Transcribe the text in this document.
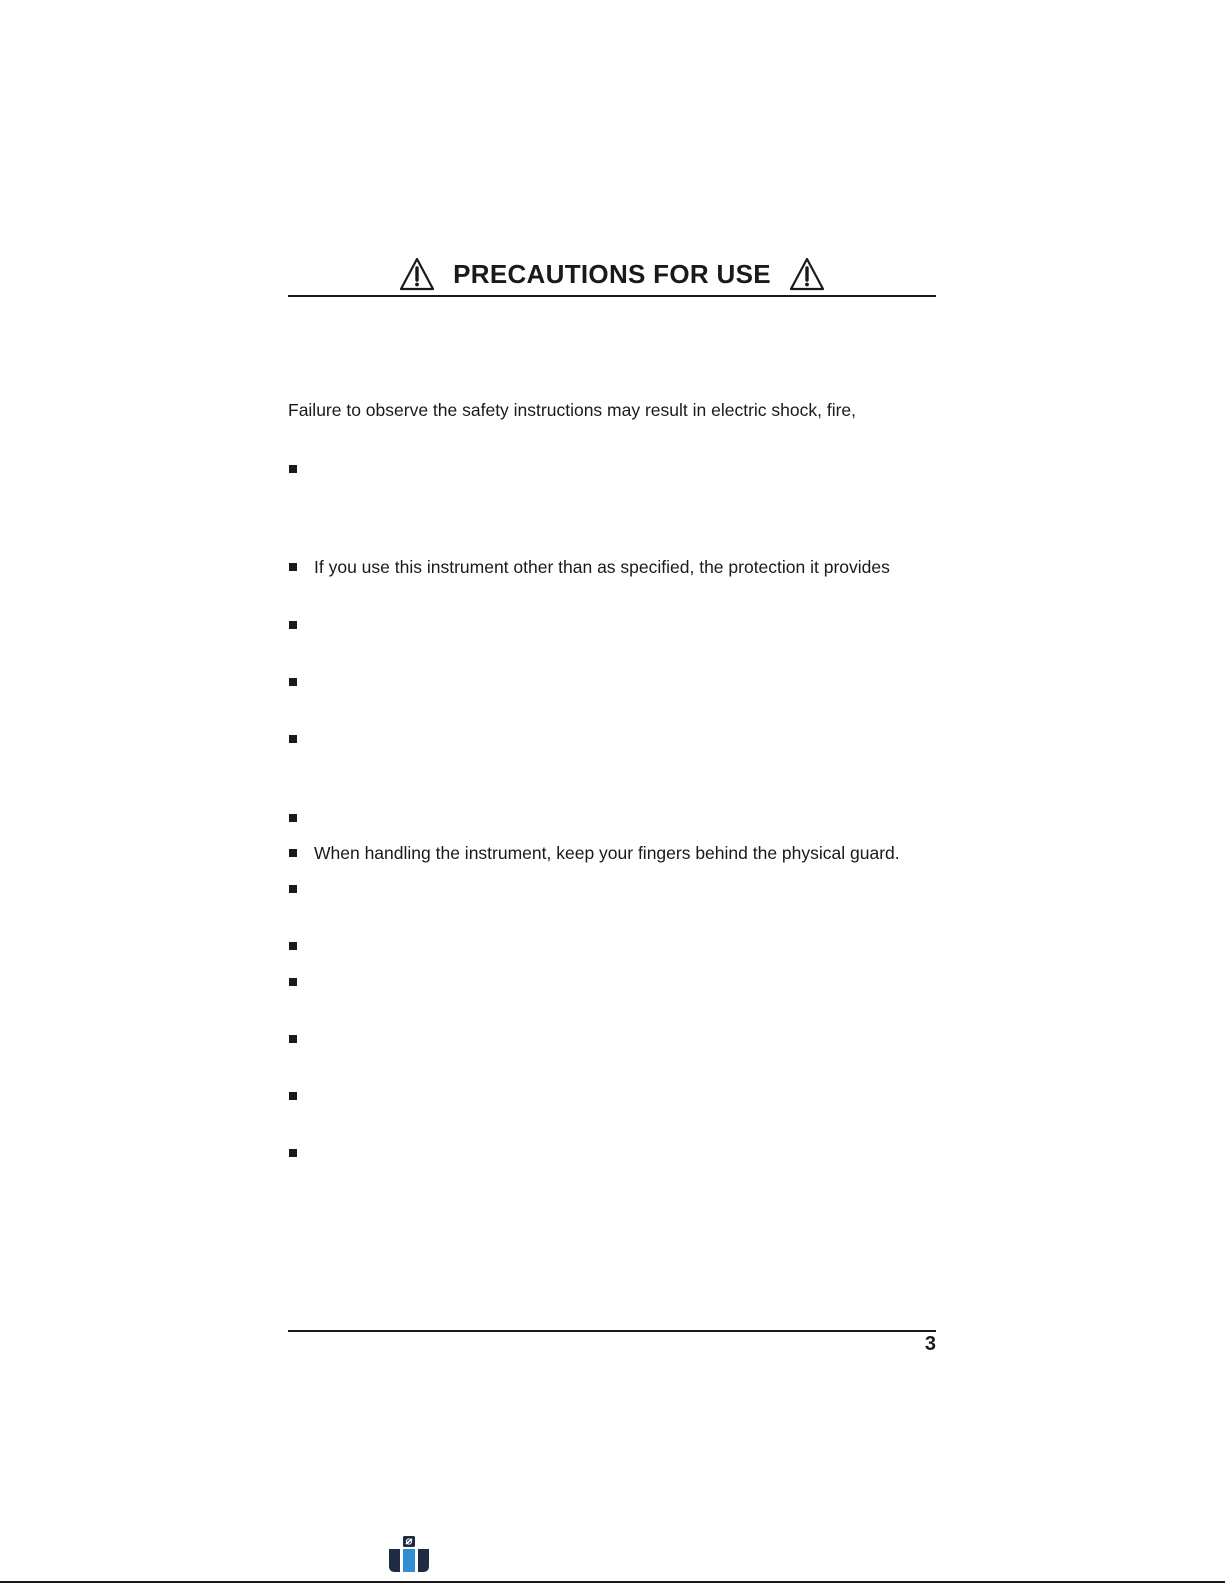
PRECAUTIONS FOR USE
Failure to observe the safety instructions may result in electric shock, fire,
If you use this instrument other than as specified, the protection it provides
When handling the instrument, keep your fingers behind the physical guard.
3
